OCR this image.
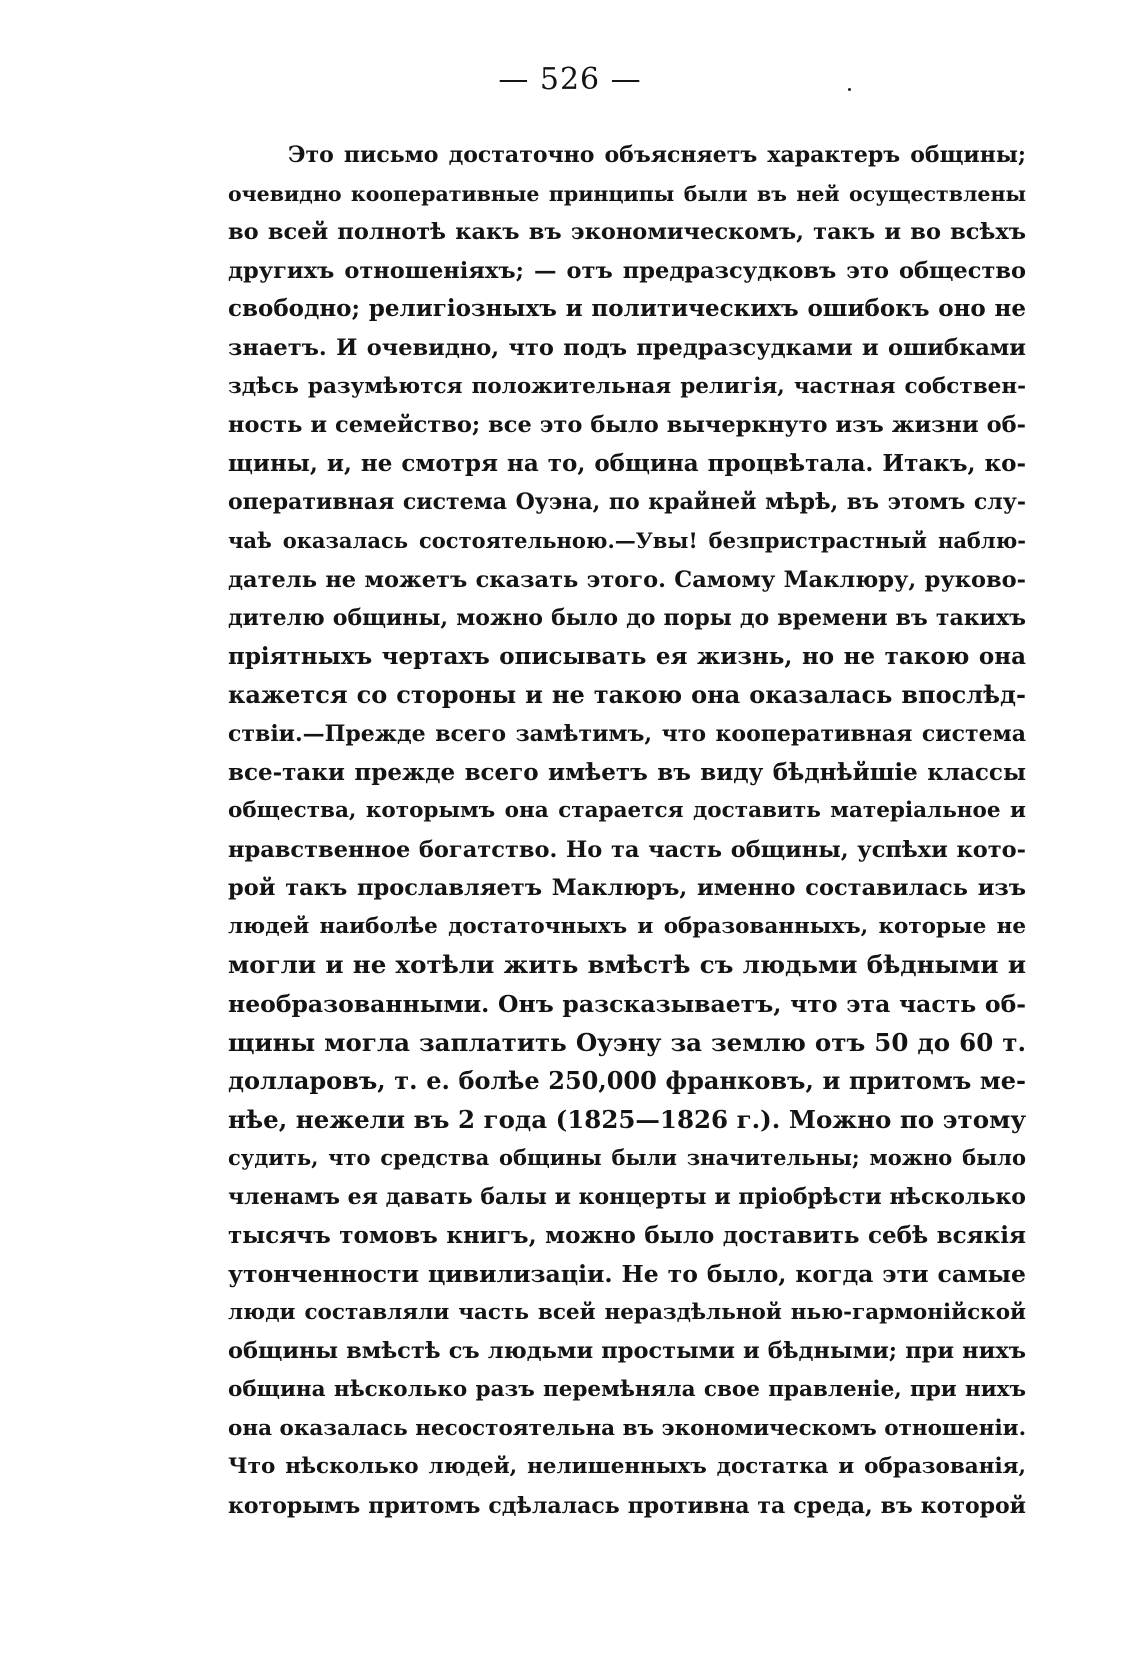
— 526 —
Это письмо достаточно объясняетъ характеръ общины;
очевидно кооперативные принципы были въ ней осуществлены
во всей полнотѣ какъ въ экономическомъ, такъ и во всѣхъ
другихъ отношеніяхъ; — отъ предразсудковъ это общество
свободно; религіозныхъ и политическихъ ошибокъ оно не
знаетъ. И очевидно, что подъ предразсудками и ошибками
здѣсь разумѣются положительная религія, частная собствен-
ность и семейство; все это было вычеркнуто изъ жизни об-
щины, и, не смотря на то, община процвѣтала. Итакъ, ко-
оперативная система Оуэна, по крайней мѣрѣ, въ этомъ слу-
чаѣ оказалась состоятельною.—Увы! безпристрастный наблю-
датель не можетъ сказать этого. Самому Маклюру, руково-
дителю общины, можно было до поры до времени въ такихъ
пріятныхъ чертахъ описывать ея жизнь, но не такою она
кажется со стороны и не такою она оказалась впослѣд-
ствіи.—Прежде всего замѣтимъ, что кооперативная система
все-таки прежде всего имѣетъ въ виду бѣднѣйшіе классы
общества, которымъ она старается доставить матеріальное и
нравственное богатство. Но та часть общины, успѣхи кото-
рой такъ прославляетъ Маклюръ, именно составилась изъ
людей наиболѣе достаточныхъ и образованныхъ, которые не
могли и не хотѣли жить вмѣстѣ съ людьми бѣдными и
необразованными. Онъ разсказываетъ, что эта часть об-
щины могла заплатить Оуэну за землю отъ 50 до 60 т.
долларовъ, т. е. болѣе 250,000 франковъ, и притомъ ме-
нѣе, нежели въ 2 года (1825—1826 г.). Можно по этому
судить, что средства общины были значительны; можно было
членамъ ея давать балы и концерты и пріобрѣсти нѣсколько
тысячъ томовъ книгъ, можно было доставить себѣ всякія
утонченности цивилизаціи. Не то было, когда эти самые
люди составляли часть всей нераздѣльной нью-гармонійской
общины вмѣстѣ съ людьми простыми и бѣдными; при нихъ
община нѣсколько разъ перемѣняла свое правленіе, при нихъ
она оказалась несостоятельна въ экономическомъ отношеніи.
Что нѣсколько людей, нелишенныхъ достатка и образованія,
которымъ притомъ сдѣлалась противна та среда, въ которой
